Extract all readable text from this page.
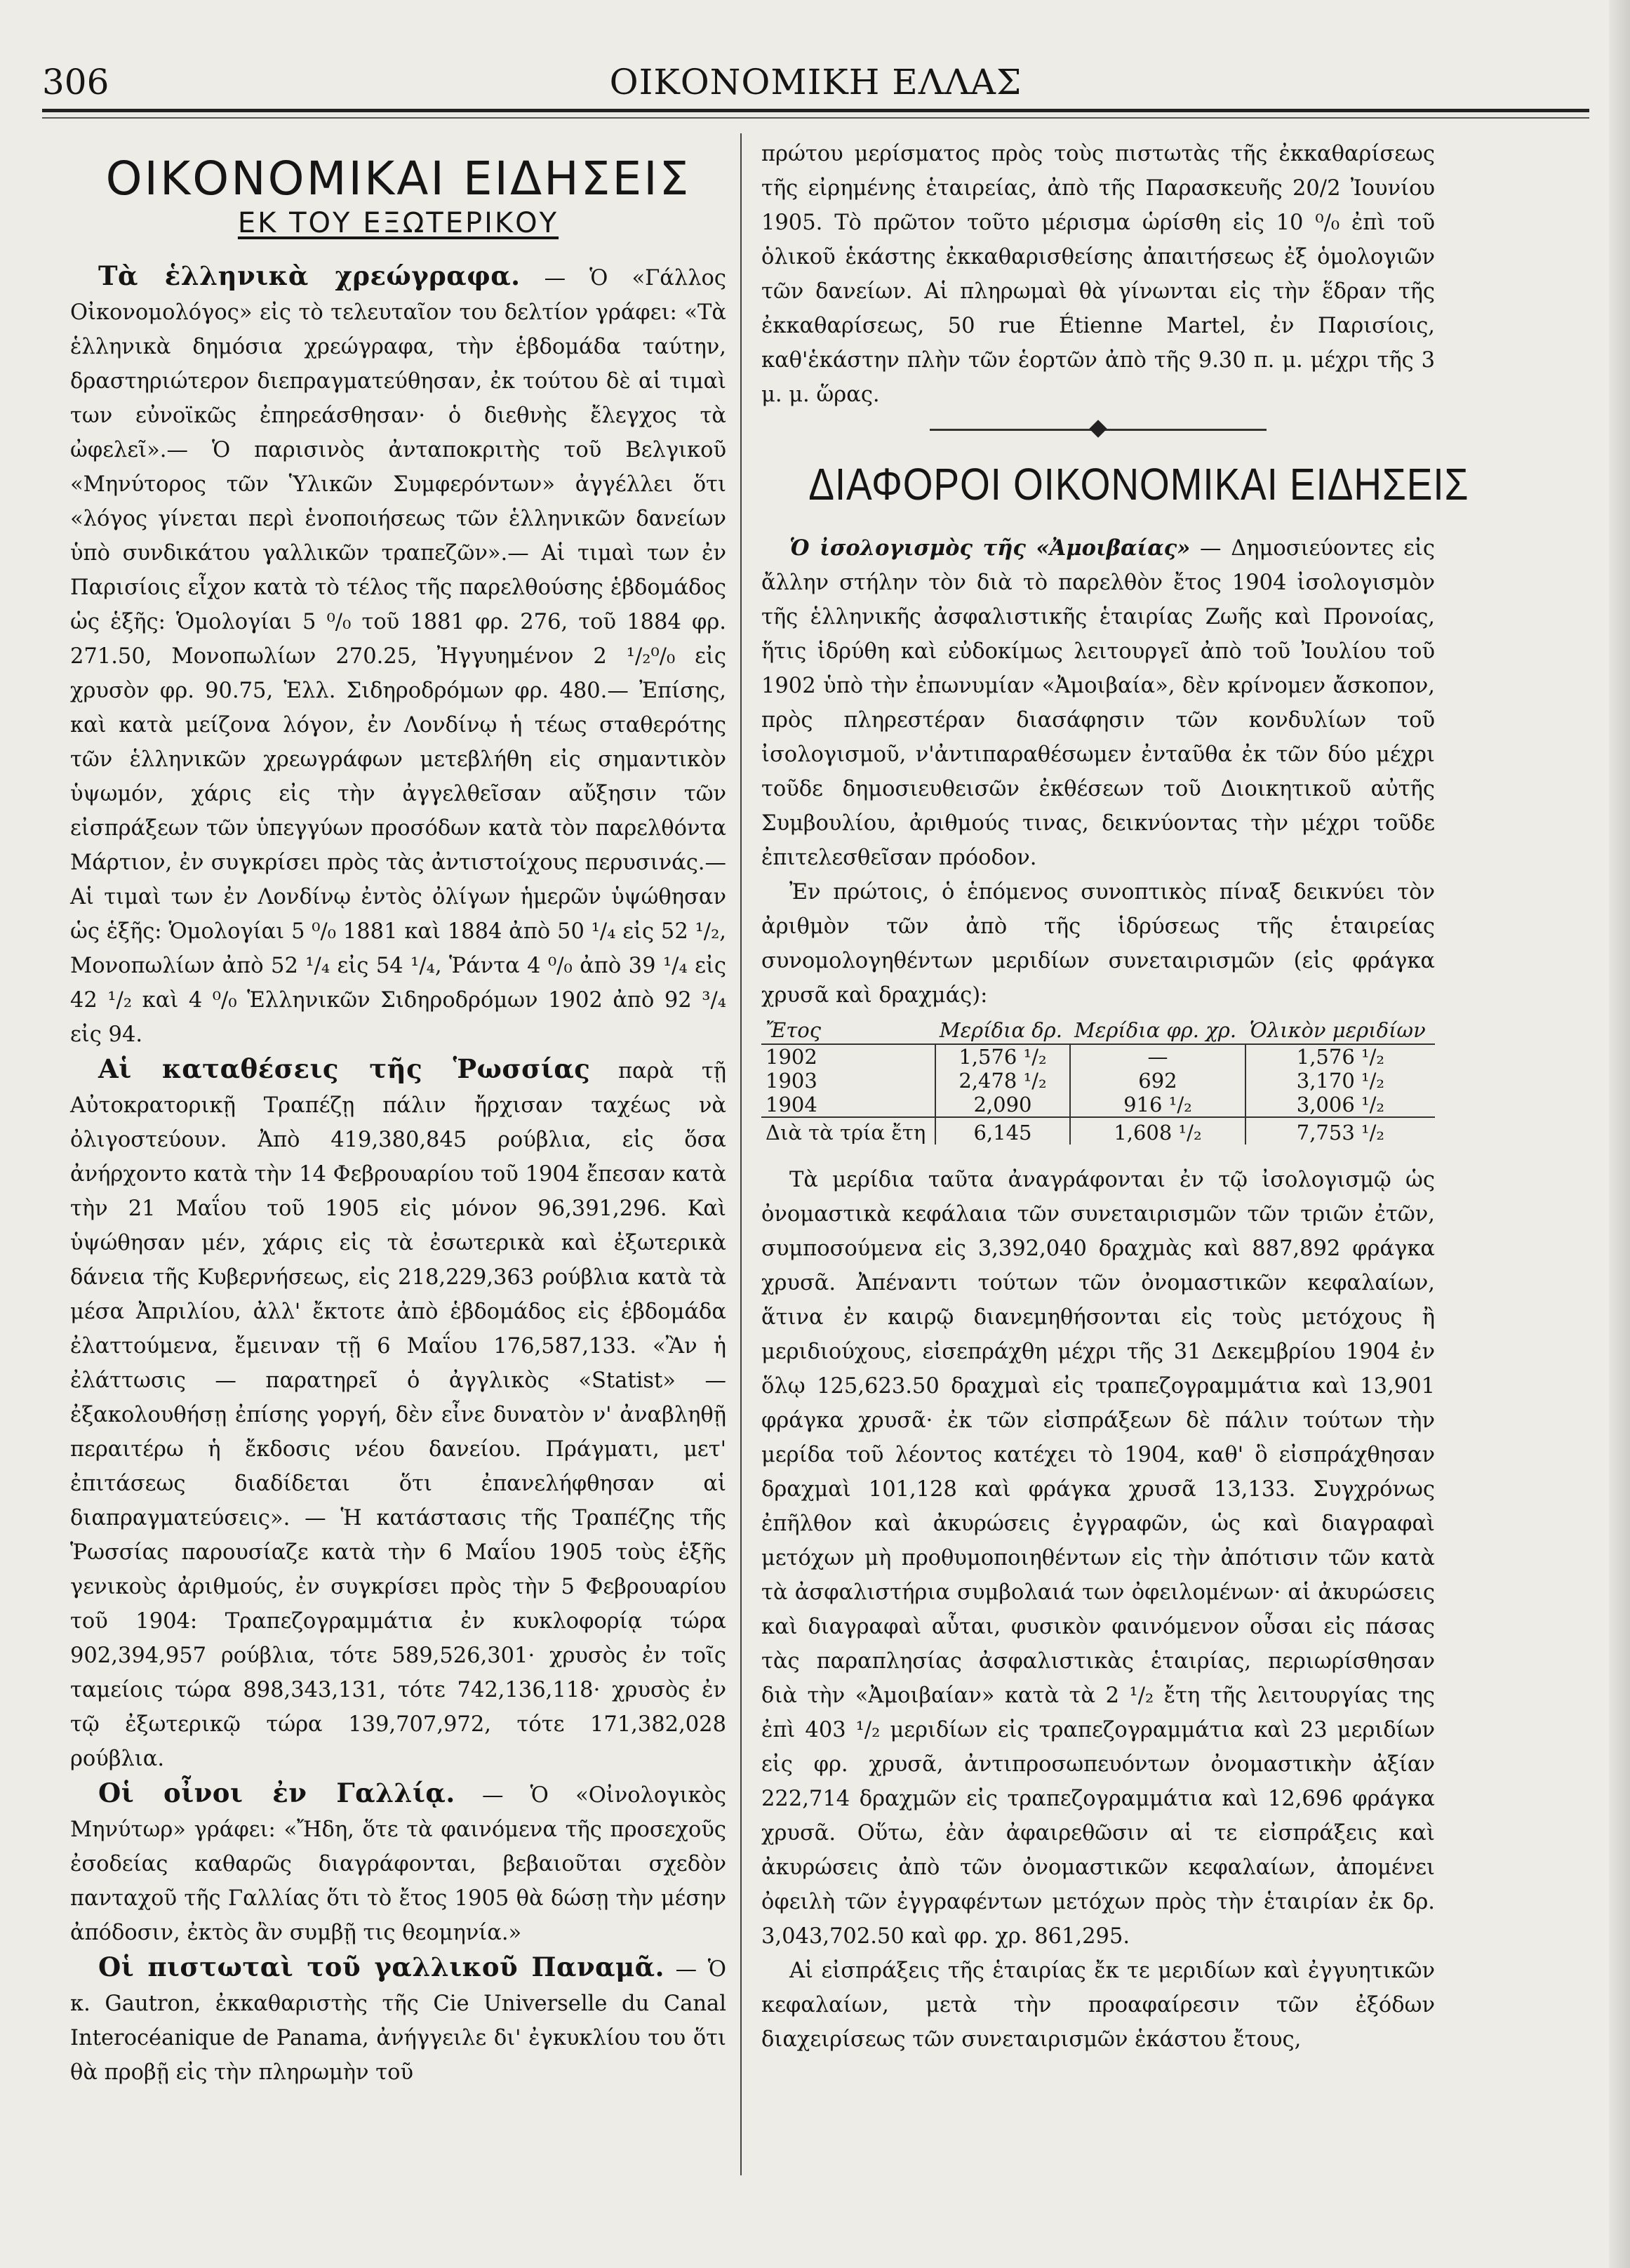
306	ΟΙΚΟΝΟΜΙΚΗ ΕΛΛΑΣ
ΟΙΚΟΝΟΜΙΚΑΙ ΕΙΔΗΣΕΙΣ
ΕΚ ΤΟΥ ΕΞΩΤΕΡΙΚΟΥ

Τὰ ἑλληνικὰ χρεώγραφα. — Ὁ «Γάλλος Οἰκονομολόγος» εἰς τὸ τελευταῖον του δελτίον γράφει: «Τὰ ἑλληνικὰ δημόσια χρεώγραφα, τὴν ἑβδομάδα ταύτην, δραστηριώτερον διεπραγματεύθησαν, ἐκ τούτου δὲ αἱ τιμαὶ των εὐνοϊκῶς ἐπηρεάσθησαν· ὁ διεθνὴς ἔλεγχος τὰ ὠφελεῖ».— Ὁ παρισινὸς ἀνταποκριτὴς τοῦ Βελγικοῦ «Μηνύτορος τῶν Ὑλικῶν Συμφερόντων» ἀγγέλλει ὅτι «λόγος γίνεται περὶ ἑνοποιήσεως τῶν ἑλληνικῶν δανείων ὑπὸ συνδικάτου γαλλικῶν τραπεζῶν».— Αἱ τιμαὶ των ἐν Παρισίοις εἶχον κατὰ τὸ τέλος τῆς παρελθούσης ἑβδομάδος ὡς ἑξῆς: Ὁμολογίαι 5 ⁰/₀ τοῦ 1881 φρ. 276, τοῦ 1884 φρ. 271.50, Μονοπωλίων 270.25, Ἠγγυημένον 2 ¹/₂⁰/₀ εἰς χρυσὸν φρ. 90.75, Ἑλλ. Σιδηροδρόμων φρ. 480.— Ἐπίσης, καὶ κατὰ μείζονα λόγον, ἐν Λονδίνῳ ἡ τέως σταθερότης τῶν ἑλληνικῶν χρεωγράφων μετεβλήθη εἰς σημαντικὸν ὑψωμόν, χάρις εἰς τὴν ἀγγελθεῖσαν αὔξησιν τῶν εἰσπράξεων τῶν ὑπεγγύων προσόδων κατὰ τὸν παρελθόντα Μάρτιον, ἐν συγκρίσει πρὸς τὰς ἀντιστοίχους περυσινάς.— Αἱ τιμαὶ των ἐν Λονδίνῳ ἐντὸς ὀλίγων ἡμερῶν ὑψώθησαν ὡς ἑξῆς: Ὁμολογίαι 5 ⁰/₀ 1881 καὶ 1884 ἀπὸ 50 ¹/₄ εἰς 52 ¹/₂, Μονοπωλίων ἀπὸ 52 ¹/₄ εἰς 54 ¹/₄, Ῥάντα 4 ⁰/₀ ἀπὸ 39 ¹/₄ εἰς 42 ¹/₂ καὶ 4 ⁰/₀ Ἑλληνικῶν Σιδηροδρόμων 1902 ἀπὸ 92 ³/₄ εἰς 94.

Αἱ καταθέσεις τῆς Ῥωσσίας παρὰ τῇ Αὐτοκρατορικῇ Τραπέζῃ πάλιν ἤρχισαν ταχέως νὰ ὀλιγοστεύουν. Ἀπὸ 419,380,845 ρούβλια, εἰς ὅσα ἀνήρχοντο κατὰ τὴν 14 Φεβρουαρίου τοῦ 1904 ἔπεσαν κατὰ τὴν 21 Μαΐου τοῦ 1905 εἰς μόνον 96,391,296. Καὶ ὑψώθησαν μέν, χάρις εἰς τὰ ἐσωτερικὰ καὶ ἐξωτερικὰ δάνεια τῆς Κυβερνήσεως, εἰς 218,229,363 ρούβλια κατὰ τὰ μέσα Ἀπριλίου, ἀλλ' ἔκτοτε ἀπὸ ἑβδομάδος εἰς ἑβδομάδα ἐλαττούμενα, ἔμειναν τῇ 6 Μαΐου 176,587,133. «Ἂν ἡ ἐλάττωσις — παρατηρεῖ ὁ ἀγγλικὸς «Statist» — ἐξακολουθήσῃ ἐπίσης γοργή, δὲν εἶνε δυνατὸν ν' ἀναβληθῇ περαιτέρω ἡ ἔκδοσις νέου δανείου. Πράγματι, μετ' ἐπιτάσεως διαδίδεται ὅτι ἐπανελήφθησαν αἱ διαπραγματεύσεις». — Ἡ κατάστασις τῆς Τραπέζης τῆς Ῥωσσίας παρουσίαζε κατὰ τὴν 6 Μαΐου 1905 τοὺς ἑξῆς γενικοὺς ἀριθμούς, ἐν συγκρίσει πρὸς τὴν 5 Φεβρουαρίου τοῦ 1904: Τραπεζογραμμάτια ἐν κυκλοφορίᾳ τώρα 902,394,957 ρούβλια, τότε 589,526,301· χρυσὸς ἐν τοῖς ταμείοις τώρα 898,343,131, τότε 742,136,118· χρυσὸς ἐν τῷ ἐξωτερικῷ τώρα 139,707,972, τότε 171,382,028 ρούβλια.

Οἱ οἶνοι ἐν Γαλλίᾳ. — Ὁ «Οἰνολογικὸς Μηνύτωρ» γράφει: «Ἤδη, ὅτε τὰ φαινόμενα τῆς προσεχοῦς ἐσοδείας καθαρῶς διαγράφονται, βεβαιοῦται σχεδὸν πανταχοῦ τῆς Γαλλίας ὅτι τὸ ἔτος 1905 θὰ δώσῃ τὴν μέσην ἀπόδοσιν, ἐκτὸς ἂν συμβῇ τις θεομηνία.»

Οἱ πιστωταὶ τοῦ γαλλικοῦ Παναμᾶ. — Ὁ κ. Gautron, ἐκκαθαριστὴς τῆς Cie Universelle du Canal Interocéanique de Panama, ἀνήγγειλε δι' ἐγκυκλίου του ὅτι θὰ προβῇ εἰς τὴν πληρωμὴν τοῦ

πρώτου μερίσματος πρὸς τοὺς πιστωτὰς τῆς ἐκκαθαρίσεως τῆς εἰρημένης ἑταιρείας, ἀπὸ τῆς Παρασκευῆς 20/2 Ἰουνίου 1905. Τὸ πρῶτον τοῦτο μέρισμα ὡρίσθη εἰς 10 ⁰/₀ ἐπὶ τοῦ ὁλικοῦ ἑκάστης ἐκκαθαρισθείσης ἀπαιτήσεως ἐξ ὁμολογιῶν τῶν δανείων. Αἱ πληρωμαὶ θὰ γίνωνται εἰς τὴν ἕδραν τῆς ἐκκαθαρίσεως, 50 rue Étienne Martel, ἐν Παρισίοις, καθ'ἑκάστην πλὴν τῶν ἑορτῶν ἀπὸ τῆς 9.30 π. μ. μέχρι τῆς 3 μ. μ. ὥρας.

ΔΙΑΦΟΡΟΙ ΟΙΚΟΝΟΜΙΚΑΙ ΕΙΔΗΣΕΙΣ

Ὁ ἰσολογισμὸς τῆς «Ἀμοιβαίας» — Δημοσιεύοντες εἰς ἄλλην στήλην τὸν διὰ τὸ παρελθὸν ἔτος 1904 ἰσολογισμὸν τῆς ἑλληνικῆς ἀσφαλιστικῆς ἑταιρίας Ζωῆς καὶ Προνοίας, ἥτις ἱδρύθη καὶ εὐδοκίμως λειτουργεῖ ἀπὸ τοῦ Ἰουλίου τοῦ 1902 ὑπὸ τὴν ἐπωνυμίαν «Ἀμοιβαία», δὲν κρίνομεν ἄσκοπον, πρὸς πληρεστέραν διασάφησιν τῶν κονδυλίων τοῦ ἰσολογισμοῦ, ν'ἀντιπαραθέσωμεν ἐνταῦθα ἐκ τῶν δύο μέχρι τοῦδε δημοσιευθεισῶν ἐκθέσεων τοῦ Διοικητικοῦ αὐτῆς Συμβουλίου, ἀριθμούς τινας, δεικνύοντας τὴν μέχρι τοῦδε ἐπιτελεσθεῖσαν πρόοδον.

Ἐν πρώτοις, ὁ ἑπόμενος συνοπτικὸς πίναξ δεικνύει τὸν ἀριθμὸν τῶν ἀπὸ τῆς ἱδρύσεως τῆς ἑταιρείας συνομολογηθέντων μεριδίων συνεταιρισμῶν (εἰς φράγκα χρυσᾶ καὶ δραχμάς):

Ἔτος	Μερίδια δρ.	Μερίδια φρ. χρ.	Ὁλικὸν μεριδίων
1902	1,576 ¹/₂	—	1,576 ¹/₂
1903	2,478 ¹/₂	692	3,170 ¹/₂
1904	2,090	916 ¹/₂	3,006 ¹/₂
Διὰ τὰ τρία ἔτη	6,145	1,608 ¹/₂	7,753 ¹/₂

Τὰ μερίδια ταῦτα ἀναγράφονται ἐν τῷ ἰσολογισμῷ ὡς ὀνομαστικὰ κεφάλαια τῶν συνεταιρισμῶν τῶν τριῶν ἐτῶν, συμποσούμενα εἰς 3,392,040 δραχμὰς καὶ 887,892 φράγκα χρυσᾶ. Ἀπέναντι τούτων τῶν ὀνομαστικῶν κεφαλαίων, ἅτινα ἐν καιρῷ διανεμηθήσονται εἰς τοὺς μετόχους ἢ μεριδιούχους, εἰσεπράχθη μέχρι τῆς 31 Δεκεμβρίου 1904 ἐν ὅλῳ 125,623.50 δραχμαὶ εἰς τραπεζογραμμάτια καὶ 13,901 φράγκα χρυσᾶ· ἐκ τῶν εἰσπράξεων δὲ πάλιν τούτων τὴν μερίδα τοῦ λέοντος κατέχει τὸ 1904, καθ' ὃ εἰσπράχθησαν δραχμαὶ 101,128 καὶ φράγκα χρυσᾶ 13,133. Συγχρόνως ἐπῆλθον καὶ ἀκυρώσεις ἐγγραφῶν, ὡς καὶ διαγραφαὶ μετόχων μὴ προθυμοποιηθέντων εἰς τὴν ἀπότισιν τῶν κατὰ τὰ ἀσφαλιστήρια συμβολαιά των ὀφειλομένων· αἱ ἀκυρώσεις καὶ διαγραφαὶ αὗται, φυσικὸν φαινόμενον οὖσαι εἰς πάσας τὰς παραπλησίας ἀσφαλιστικὰς ἑταιρίας, περιωρίσθησαν διὰ τὴν «Ἀμοιβαίαν» κατὰ τὰ 2 ¹/₂ ἔτη τῆς λειτουργίας της ἐπὶ 403 ¹/₂ μεριδίων εἰς τραπεζογραμμάτια καὶ 23 μεριδίων εἰς φρ. χρυσᾶ, ἀντιπροσωπευόντων ὀνομαστικὴν ἀξίαν 222,714 δραχμῶν εἰς τραπεζογραμμάτια καὶ 12,696 φράγκα χρυσᾶ. Οὕτω, ἐὰν ἀφαιρεθῶσιν αἱ τε εἰσπράξεις καὶ ἀκυρώσεις ἀπὸ τῶν ὀνομαστικῶν κεφαλαίων, ἀπομένει ὀφειλὴ τῶν ἐγγραφέντων μετόχων πρὸς τὴν ἑταιρίαν ἐκ δρ. 3,043,702.50 καὶ φρ. χρ. 861,295.

Αἱ εἰσπράξεις τῆς ἑταιρίας ἔκ τε μεριδίων καὶ ἐγγυητικῶν κεφαλαίων, μετὰ τὴν προαφαίρεσιν τῶν ἐξόδων διαχειρίσεως τῶν συνεταιρισμῶν ἑκάστου ἔτους,
